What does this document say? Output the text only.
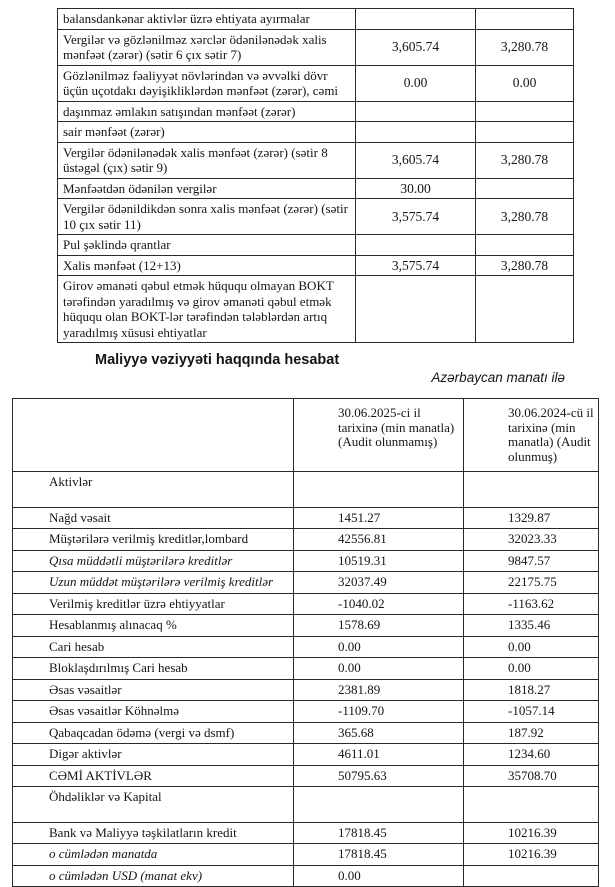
balansdankənar aktivlər üzrə ehtiyata ayırmalar		
Vergilər və gözlənilməz xərclər ödənilənədək xalis mənfəət (zərər) (sətir 6 çıx sətir 7)	3,605.74	3,280.78
Gözlənilməz fəaliyyət növlərindən və əvvəlki dövr üçün uçotdakı dəyişikliklərdən mənfəət (zərər), cəmi	0.00	0.00
daşınmaz əmlakın satışından mənfəət (zərər)		
sair mənfəət (zərər)		
Vergilər ödənilənədək xalis mənfəət (zərər) (sətir 8 üstəgəl (çıx) sətir 9)	3,605.74	3,280.78
Mənfəətdən ödənilən vergilər	30.00	
Vergilər ödənildikdən sonra xalis mənfəət (zərər) (sətir 10 çıx sətir 11)	3,575.74	3,280.78
Pul şəklində qrantlar		
Xalis mənfəət (12+13)	3,575.74	3,280.78
Girov əmanəti qəbul etmək hüququ olmayan BOKT tərəfindən yaradılmış və girov əmanəti qəbul etmək hüququ olan BOKT-lər tərəfindən tələblərdən artıq yaradılmış xüsusi ehtiyatlar		
Maliyyə vəziyyəti haqqında hesabat
Azərbaycan manatı ilə
	30.06.2025-ci il tarixinə (min manatla) (Audit olunmamış)	30.06.2024-cü il tarixinə (min manatla) (Audit olunmuş)
Aktivlər		
Nağd vəsait	1451.27	1329.87
Müştərilərə verilmiş kreditlər,lombard	42556.81	32023.33
Qısa müddətli müştərilərə kreditlər	10519.31	9847.57
Uzun müddət müştərilərə verilmiş kreditlər	32037.49	22175.75
Verilmiş kreditlər üzrə ehtiyyatlar	-1040.02	-1163.62
Hesablanmış alınacaq %	1578.69	1335.46
Cari hesab	0.00	0.00
Bloklaşdırılmış Cari hesab	0.00	0.00
Əsas vəsaitlər	2381.89	1818.27
Əsas vəsaitlər Köhnəlmə	-1109.70	-1057.14
Qabaqcadan ödəmə (vergi və dsmf)	365.68	187.92
Digər aktivlər	4611.01	1234.60
CƏMİ AKTİVLƏR	50795.63	35708.70
Öhdəliklər və Kapital		
Bank və Maliyyə təşkilatların kredit	17818.45	10216.39
o cümlədən manatda	17818.45	10216.39
o cümlədən USD (manat ekv)	0.00	
